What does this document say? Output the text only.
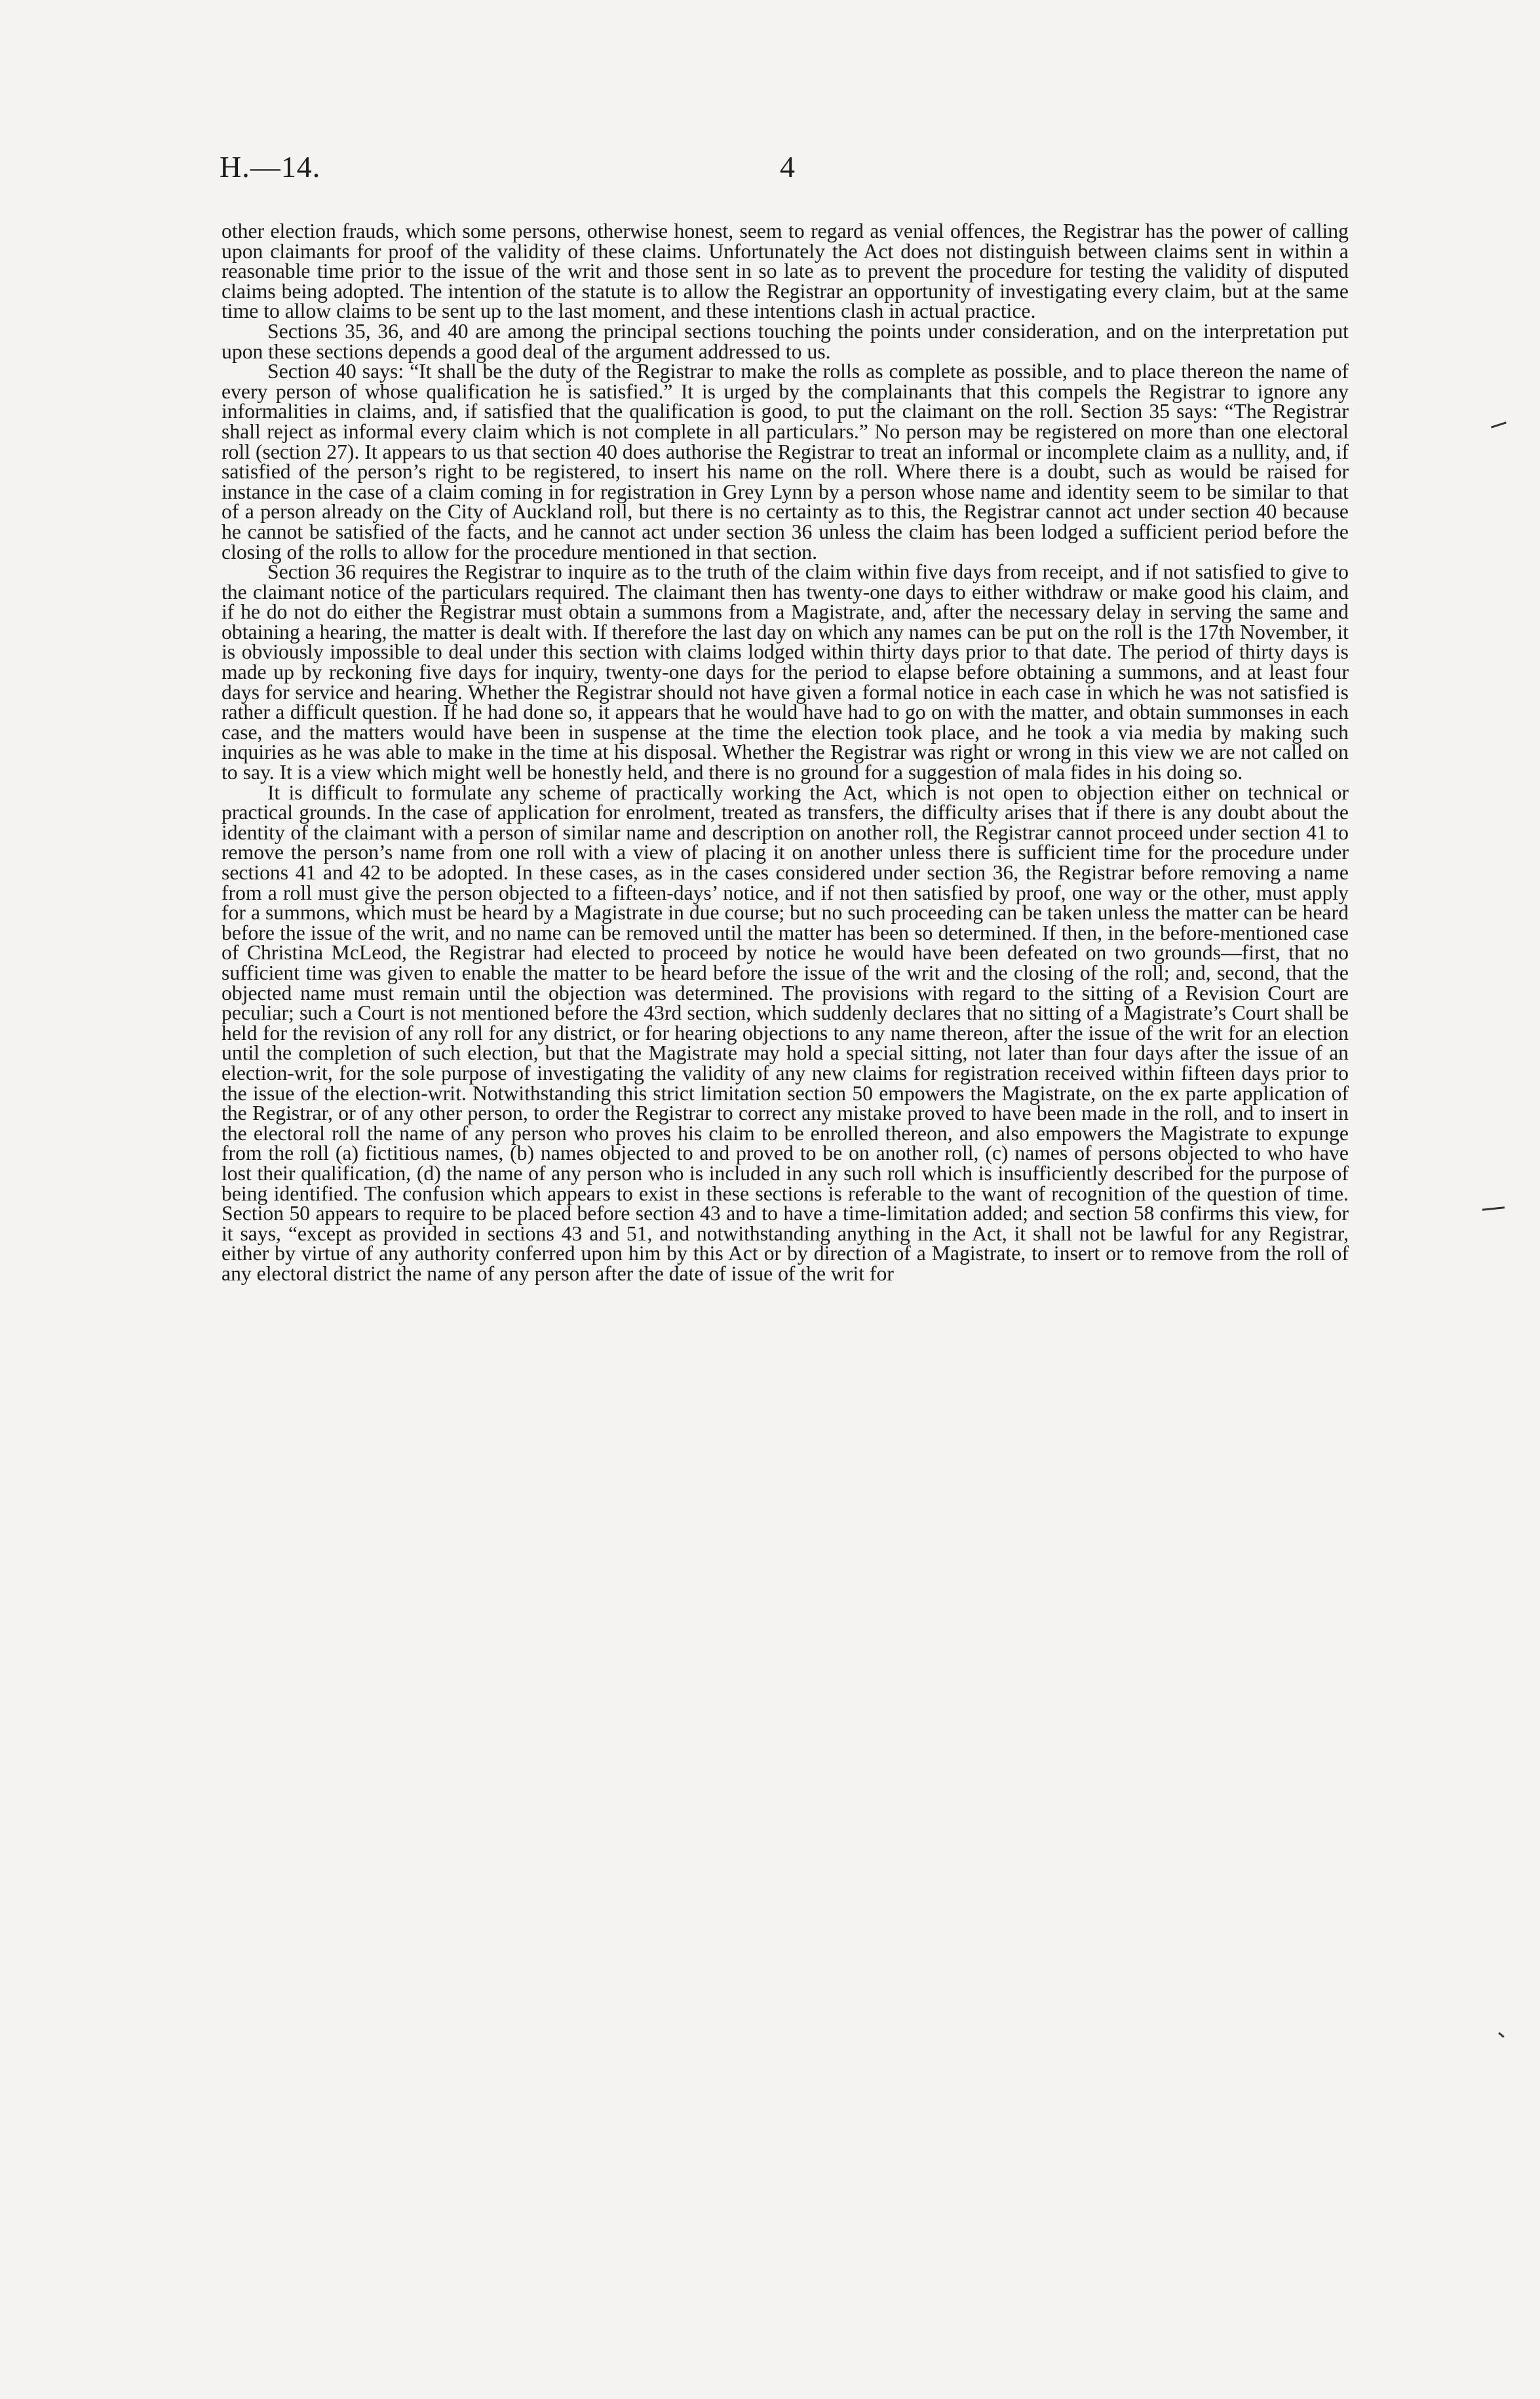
H.—14.	4

other election frauds, which some persons, otherwise honest, seem to regard as venial offences, the Registrar has the power of calling upon claimants for proof of the validity of these claims. Unfortunately the Act does not distinguish between claims sent in within a reasonable time prior to the issue of the writ and those sent in so late as to prevent the procedure for testing the validity of disputed claims being adopted. The intention of the statute is to allow the Registrar an opportunity of investigating every claim, but at the same time to allow claims to be sent up to the last moment, and these intentions clash in actual practice.

Sections 35, 36, and 40 are among the principal sections touching the points under consideration, and on the interpretation put upon these sections depends a good deal of the argument addressed to us.

Section 40 says: “It shall be the duty of the Registrar to make the rolls as complete as possible, and to place thereon the name of every person of whose qualification he is satisfied.” It is urged by the complainants that this compels the Registrar to ignore any informalities in claims, and, if satisfied that the qualification is good, to put the claimant on the roll. Section 35 says: “The Registrar shall reject as informal every claim which is not complete in all particulars.” No person may be registered on more than one electoral roll (section 27). It appears to us that section 40 does authorise the Registrar to treat an informal or incomplete claim as a nullity, and, if satisfied of the person’s right to be registered, to insert his name on the roll. Where there is a doubt, such as would be raised for instance in the case of a claim coming in for registration in Grey Lynn by a person whose name and identity seem to be similar to that of a person already on the City of Auckland roll, but there is no certainty as to this, the Registrar cannot act under section 40 because he cannot be satisfied of the facts, and he cannot act under section 36 unless the claim has been lodged a sufficient period before the closing of the rolls to allow for the procedure mentioned in that section.

Section 36 requires the Registrar to inquire as to the truth of the claim within five days from receipt, and if not satisfied to give to the claimant notice of the particulars required. The claimant then has twenty-one days to either withdraw or make good his claim, and if he do not do either the Registrar must obtain a summons from a Magistrate, and, after the necessary delay in serving the same and obtaining a hearing, the matter is dealt with. If therefore the last day on which any names can be put on the roll is the 17th November, it is obviously impossible to deal under this section with claims lodged within thirty days prior to that date. The period of thirty days is made up by reckoning five days for inquiry, twenty-one days for the period to elapse before obtaining a summons, and at least four days for service and hearing. Whether the Registrar should not have given a formal notice in each case in which he was not satisfied is rather a difficult question. If he had done so, it appears that he would have had to go on with the matter, and obtain summonses in each case, and the matters would have been in suspense at the time the election took place, and he took a via media by making such inquiries as he was able to make in the time at his disposal. Whether the Registrar was right or wrong in this view we are not called on to say. It is a view which might well be honestly held, and there is no ground for a suggestion of mala fides in his doing so.

It is difficult to formulate any scheme of practically working the Act, which is not open to objection either on technical or practical grounds. In the case of application for enrolment, treated as transfers, the difficulty arises that if there is any doubt about the identity of the claimant with a person of similar name and description on another roll, the Registrar cannot proceed under section 41 to remove the person’s name from one roll with a view of placing it on another unless there is sufficient time for the procedure under sections 41 and 42 to be adopted. In these cases, as in the cases considered under section 36, the Registrar before removing a name from a roll must give the person objected to a fifteen-days’ notice, and if not then satisfied by proof, one way or the other, must apply for a summons, which must be heard by a Magistrate in due course; but no such proceeding can be taken unless the matter can be heard before the issue of the writ, and no name can be removed until the matter has been so determined. If then, in the before-mentioned case of Christina McLeod, the Registrar had elected to proceed by notice he would have been defeated on two grounds—first, that no sufficient time was given to enable the matter to be heard before the issue of the writ and the closing of the roll; and, second, that the objected name must remain until the objection was determined. The provisions with regard to the sitting of a Revision Court are peculiar; such a Court is not mentioned before the 43rd section, which suddenly declares that no sitting of a Magistrate’s Court shall be held for the revision of any roll for any district, or for hearing objections to any name thereon, after the issue of the writ for an election until the completion of such election, but that the Magistrate may hold a special sitting, not later than four days after the issue of an election-writ, for the sole purpose of investigating the validity of any new claims for registration received within fifteen days prior to the issue of the election-writ. Notwithstanding this strict limitation section 50 empowers the Magistrate, on the ex parte application of the Registrar, or of any other person, to order the Registrar to correct any mistake proved to have been made in the roll, and to insert in the electoral roll the name of any person who proves his claim to be enrolled thereon, and also empowers the Magistrate to expunge from the roll (a) fictitious names, (b) names objected to and proved to be on another roll, (c) names of persons objected to who have lost their qualification, (d) the name of any person who is included in any such roll which is insufficiently described for the purpose of being identified. The confusion which appears to exist in these sections is referable to the want of recognition of the question of time. Section 50 appears to require to be placed before section 43 and to have a time-limitation added; and section 58 confirms this view, for it says, “except as provided in sections 43 and 51, and notwithstanding anything in the Act, it shall not be lawful for any Registrar, either by virtue of any authority conferred upon him by this Act or by direction of a Magistrate, to insert or to remove from the roll of any electoral district the name of any person after the date of issue of the writ for
